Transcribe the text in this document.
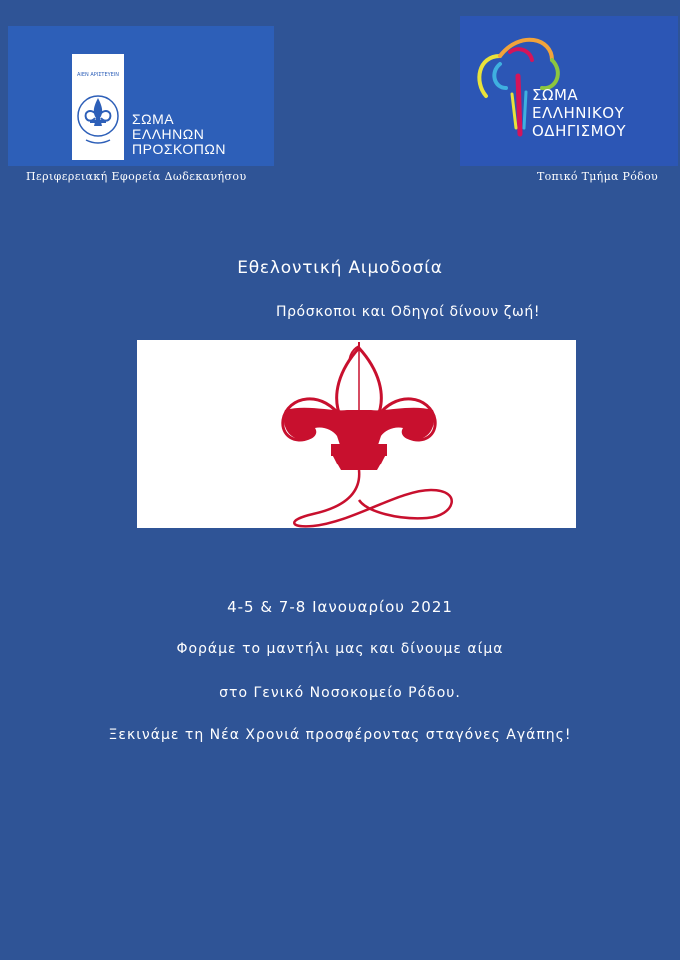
ΑΙΕΝ ΑΡΙΣΤΕΥΕΙΝ
ΣΩΜΑ
ΕΛΛΗΝΩΝ
ΠΡΟΣΚΟΠΩΝ
ΣΩΜΑ
ΕΛΛΗΝΙΚΟΥ
ΟΔΗΓΙΣΜΟΥ
Περιφερειακή Εφορεία Δωδεκανήσου	Τοπικό Τμήμα Ρόδου
Εθελοντική Αιμοδοσία
Πρόσκοποι και Οδηγοί δίνουν ζωή!
4-5 & 7-8 Ιανουαρίου 2021
Φοράμε το μαντήλι μας και δίνουμε αίμα
στο Γενικό Νοσοκομείο Ρόδου.
Ξεκινάμε τη Νέα Χρονιά προσφέροντας σταγόνες Αγάπης!
